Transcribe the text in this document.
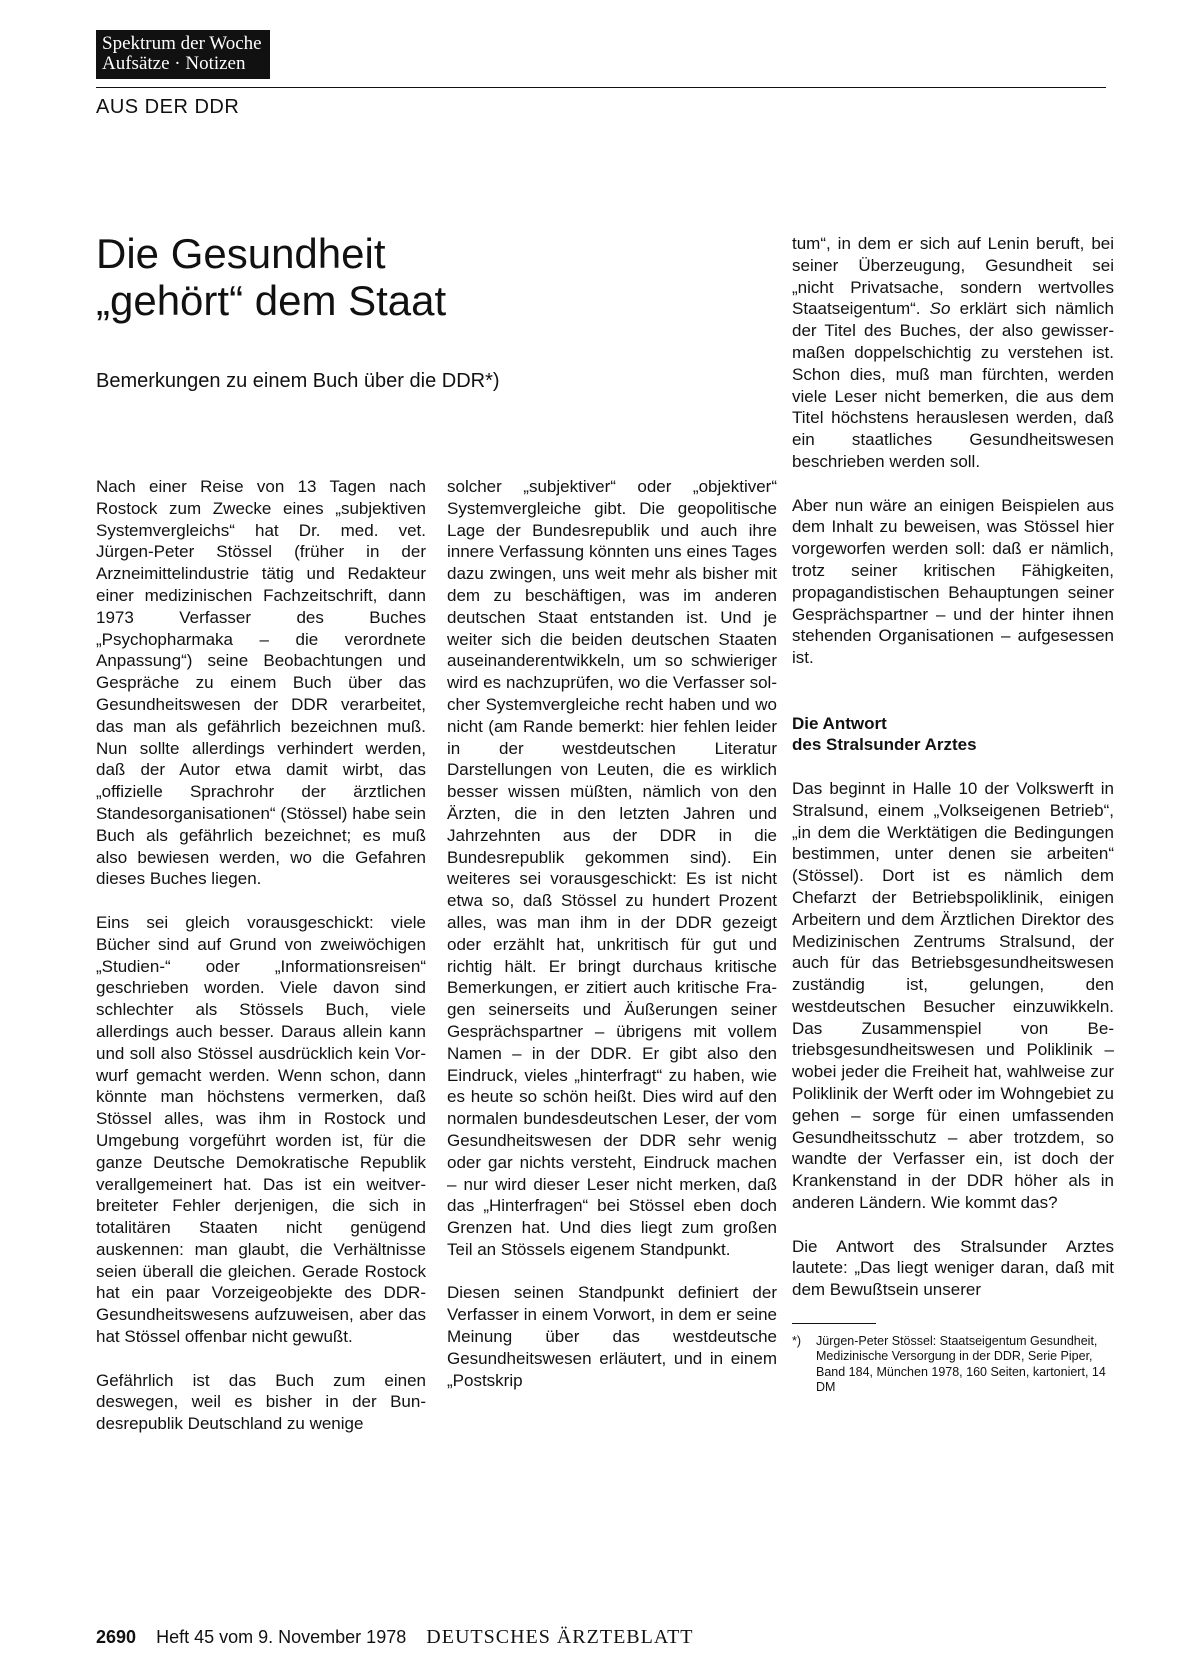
Spektrum der Woche
Aufsätze · Notizen
AUS DER DDR
Die Gesundheit
„gehört“ dem Staat
Bemerkungen zu einem Buch über die DDR*)

Nach einer Reise von 13 Tagen nach Rostock zum Zwecke eines „subjektiven Systemvergleichs“ hat Dr. med. vet. Jürgen-Peter Stössel (früher in der Arzneimittelindustrie tätig und Redakteur einer medizinischen Fachzeitschrift, dann 1973 Verfasser des Buches „Psychopharmaka – die verordnete Anpassung“) seine Beobachtungen und Gespräche zu einem Buch über das Gesundheitswesen der DDR verarbeitet, das man als gefährlich bezeichnen muß. Nun sollte allerdings verhindert werden, daß der Autor etwa damit wirbt, das „offizielle Sprachrohr der ärztlichen Standesorganisationen“ (Stössel) habe sein Buch als gefährlich bezeichnet; es muß also bewiesen werden, wo die Gefahren dieses Buches liegen.

Eins sei gleich vorausgeschickt: viele Bücher sind auf Grund von zweiwöchigen „Studien-“ oder „Informationsreisen“ geschrieben worden. Viele davon sind schlechter als Stössels Buch, viele allerdings auch besser. Daraus allein kann und soll also Stössel ausdrücklich kein Vorwurf gemacht werden. Wenn schon, dann könnte man höchstens vermerken, daß Stössel alles, was ihm in Rostock und Umgebung vorgeführt worden ist, für die ganze Deutsche Demokratische Republik verallgemeinert hat. Das ist ein weitverbreiteter Fehler derjenigen, die sich in totalitären Staaten nicht genügend auskennen: man glaubt, die Verhältnisse seien überall die gleichen. Gerade Rostock hat ein paar Vorzeigeobjekte des DDR-Gesundheitswesens aufzuweisen, aber das hat Stössel offenbar nicht gewußt.

Gefährlich ist das Buch zum einen deswegen, weil es bisher in der Bundesrepublik Deutschland zu wenige

solcher „subjektiver“ oder „objektiver“ Systemvergleiche gibt. Die geopolitische Lage der Bundesrepublik und auch ihre innere Verfassung könnten uns eines Tages dazu zwingen, uns weit mehr als bisher mit dem zu beschäftigen, was im anderen deutschen Staat entstanden ist. Und je weiter sich die beiden deutschen Staaten auseinanderentwikkeln, um so schwieriger wird es nachzuprüfen, wo die Verfasser solcher Systemvergleiche recht haben und wo nicht (am Rande bemerkt: hier fehlen leider in der westdeutschen Literatur Darstellungen von Leuten, die es wirklich besser wissen müßten, nämlich von den Ärzten, die in den letzten Jahren und Jahrzehnten aus der DDR in die Bundesrepublik gekommen sind). Ein weiteres sei vorausgeschickt: Es ist nicht etwa so, daß Stössel zu hundert Prozent alles, was man ihm in der DDR gezeigt oder erzählt hat, unkritisch für gut und richtig hält. Er bringt durchaus kritische Bemerkungen, er zitiert auch kritische Fragen seinerseits und Äußerungen seiner Gesprächspartner – übrigens mit vollem Namen – in der DDR. Er gibt also den Eindruck, vieles „hinterfragt“ zu haben, wie es heute so schön heißt. Dies wird auf den normalen bundesdeutschen Leser, der vom Gesundheitswesen der DDR sehr wenig oder gar nichts versteht, Eindruck machen – nur wird dieser Leser nicht merken, daß das „Hinterfragen“ bei Stössel eben doch Grenzen hat. Und dies liegt zum großen Teil an Stössels eigenem Standpunkt.

Diesen seinen Standpunkt definiert der Verfasser in einem Vorwort, in dem er seine Meinung über das westdeutsche Gesundheitswesen erläutert, und in einem „Postskrip

tum“, in dem er sich auf Lenin beruft, bei seiner Überzeugung, Gesundheit sei „nicht Privatsache, sondern wertvolles Staatseigentum“. So erklärt sich nämlich der Titel des Buches, der also gewissermaßen doppelschichtig zu verstehen ist. Schon dies, muß man fürchten, werden viele Leser nicht bemerken, die aus dem Titel höchstens herauslesen werden, daß ein staatliches Gesundheitswesen beschrieben werden soll.

Aber nun wäre an einigen Beispielen aus dem Inhalt zu beweisen, was Stössel hier vorgeworfen werden soll: daß er nämlich, trotz seiner kritischen Fähigkeiten, propagandistischen Behauptungen seiner Gesprächspartner – und der hinter ihnen stehenden Organisationen – aufgesessen ist.

Die Antwort
des Stralsunder Arztes

Das beginnt in Halle 10 der Volkswerft in Stralsund, einem „Volkseigenen Betrieb“, „in dem die Werktätigen die Bedingungen bestimmen, unter denen sie arbeiten“ (Stössel). Dort ist es nämlich dem Chefarzt der Betriebspoliklinik, einigen Arbeitern und dem Ärztlichen Direktor des Medizinischen Zentrums Stralsund, der auch für das Betriebsgesundheitswesen zuständig ist, gelungen, den westdeutschen Besucher einzuwikkeln. Das Zusammenspiel von Betriebsgesundheitswesen und Poliklinik – wobei jeder die Freiheit hat, wahlweise zur Poliklinik der Werft oder im Wohngebiet zu gehen – sorge für einen umfassenden Gesundheitsschutz – aber trotzdem, so wandte der Verfasser ein, ist doch der Krankenstand in der DDR höher als in anderen Ländern. Wie kommt das?

Die Antwort des Stralsunder Arztes lautete: „Das liegt weniger daran, daß mit dem Bewußtsein unserer

*)	Jürgen-Peter Stössel: Staatseigentum Gesundheit, Medizinische Versorgung in der DDR, Serie Piper, Band 184, München 1978, 160 Seiten, kartoniert, 14 DM
2690 Heft 45 vom 9. November 1978 DEUTSCHES ÄRZTEBLATT
